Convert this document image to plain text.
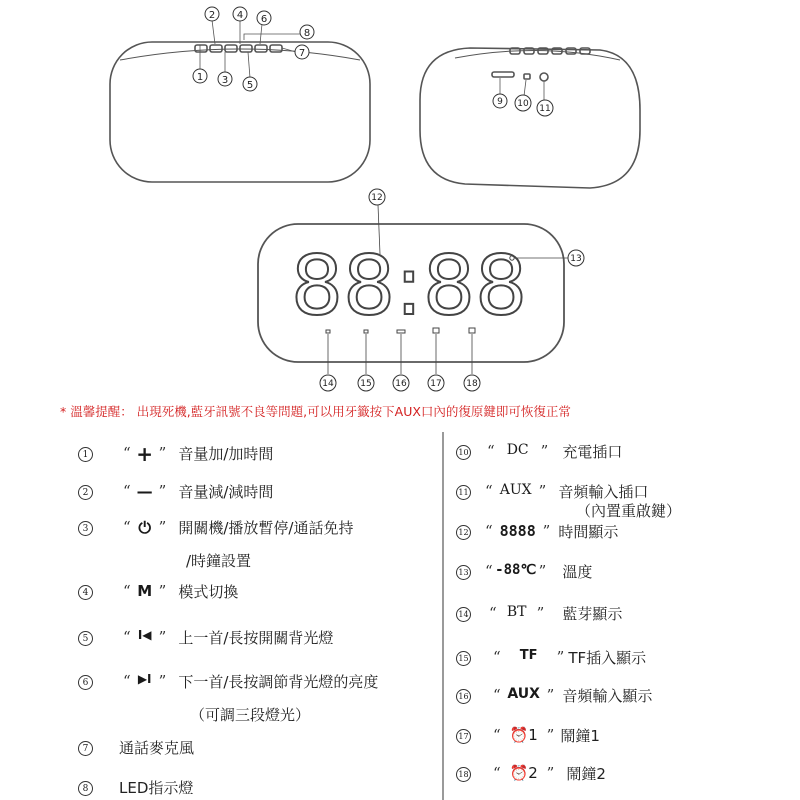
2 4 6
8
7
1 3 5
9 10 11
88:88
12
13
14	15	16	17	18
* 溫馨提醒： 出現死機,藍牙訊號不良等問題,可以用牙籤按下AUX口內的復原鍵即可恢復正常
1	“ + ” 音量加/加時間
2	“ — ” 音量減/減時間
3	“ ⏻ ” 開關機/播放暫停/通話免持
/時鐘設置
4	“ M ” 模式切換
5	“ I◀ ” 上一首/長按開關背光燈
6	“ ▶I ” 下一首/長按調節背光燈的亮度
（可調三段燈光）
7	通話麥克風
8	LED指示燈
10 “ DC ” 充電插口
11 “ AUX ” 音頻輸入插口
（內置重啟鍵）
12 “ 8888 ” 時間顯示
13 “ -88℃ ” 溫度
14 “ BT ” 藍芽顯示
15 “	TF	” TF插入顯示
16 “ AUX ” 音頻輸入顯示
17 “ ⏰1 ” 鬧鐘1
18 “ ⏰2 ” 鬧鐘2
